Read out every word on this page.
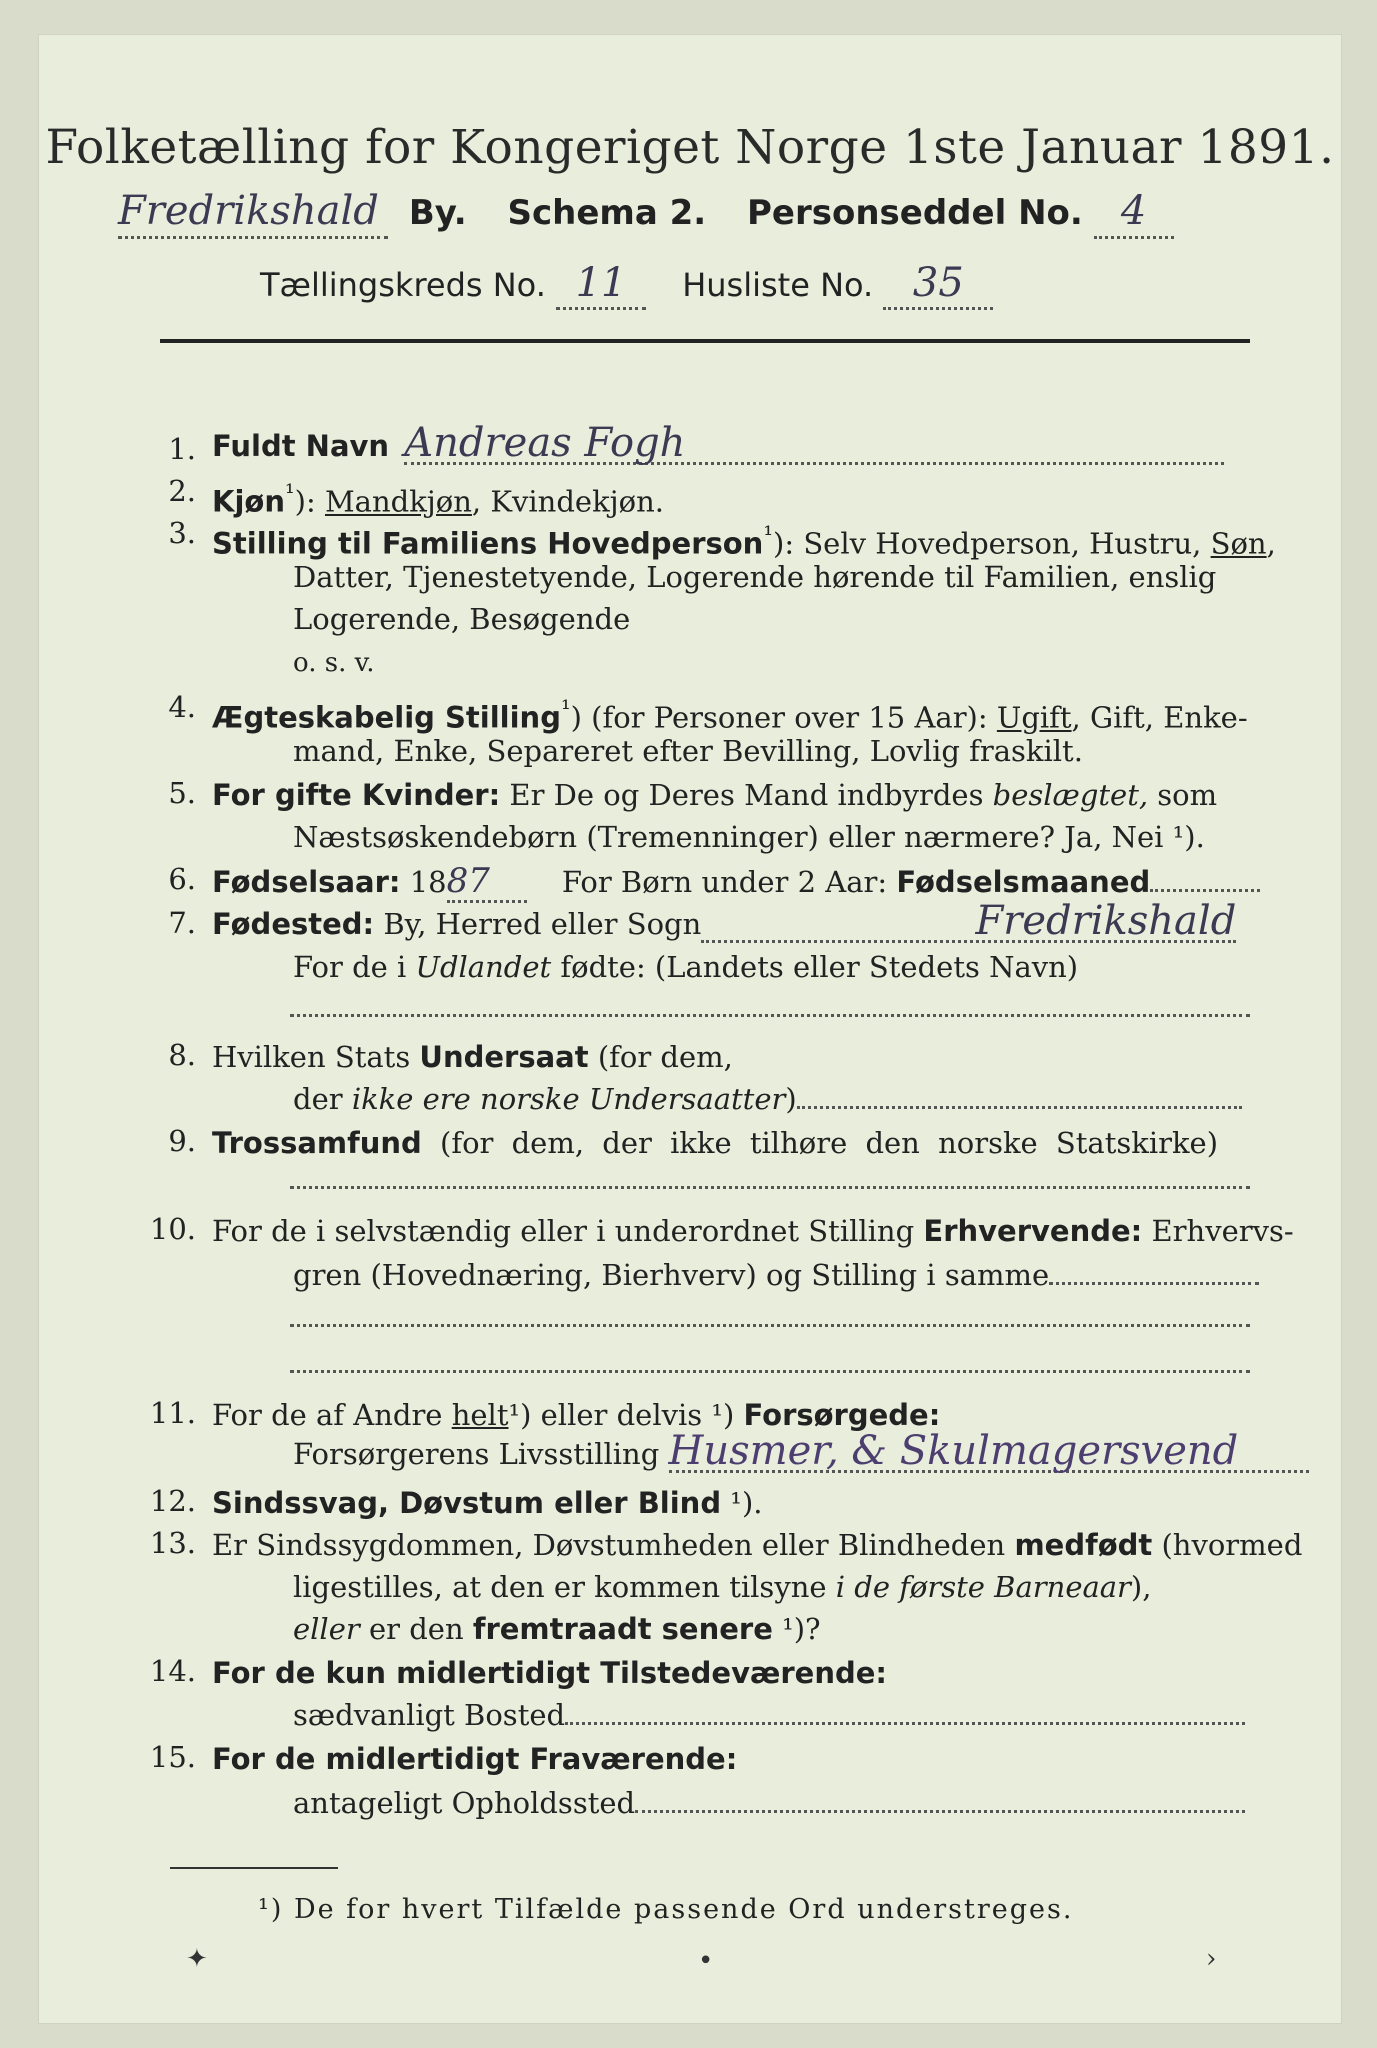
Folketælling for Kongeriget Norge 1ste Januar 1891.
Fredrikshald By. Schema 2. Personseddel No. 4
Tællingskreds No. 11 Husliste No. 35
1. Fuldt Navn Andreas Fogh
2. Kjøn$^{^1}$): Mandkjøn, Kvindekjøn.
3. Stilling til Familiens Hovedperson$^{^1}$): Selv Hovedperson, Hustru, Søn,
Datter, Tjenestetyende, Logerende hørende til Familien, enslig
Logerende, Besøgende
o. s. v.
4. Ægteskabelig Stilling$^{^1}$) (for Personer over 15 Aar): Ugift, Gift, Enke-
mand, Enke, Separeret efter Bevilling, Lovlig fraskilt.
5. For gifte Kvinder: Er De og Deres Mand indbyrdes beslægtet, som
Næstsøskendebørn (Tremenninger) eller nærmere? Ja, Nei ¹).
6. Fødselsaar: 1887 For Børn under 2 Aar: Fødselsmaaned
7. Fødested: By, Herred eller Sogn	Fredrikshald
For de i Udlandet fødte: (Landets eller Stedets Navn)
8. Hvilken Stats Undersaat (for dem,
der ikke ere norske Undersaatter)
9. Trossamfund (for dem, der ikke tilhøre den norske Statskirke)
10. For de i selvstændig eller i underordnet Stilling Erhvervende: Erhvervs-
gren (Hovednæring, Bierhverv) og Stilling i samme
11. For de af Andre helt¹) eller delvis ¹) Forsørgede:
Forsørgerens Livsstilling Husmer, & Skulmagersvend
12. Sindssvag, Døvstum eller Blind ¹).
13. Er Sindssygdommen, Døvstumheden eller Blindheden medfødt (hvormed
ligestilles, at den er kommen tilsyne i de første Barneaar),
eller er den fremtraadt senere ¹)?
14. For de kun midlertidigt Tilstedeværende:
sædvanligt Bosted
15. For de midlertidigt Fraværende:
antageligt Opholdssted
¹) De for hvert Tilfælde passende Ord understreges.
✦	•	›
